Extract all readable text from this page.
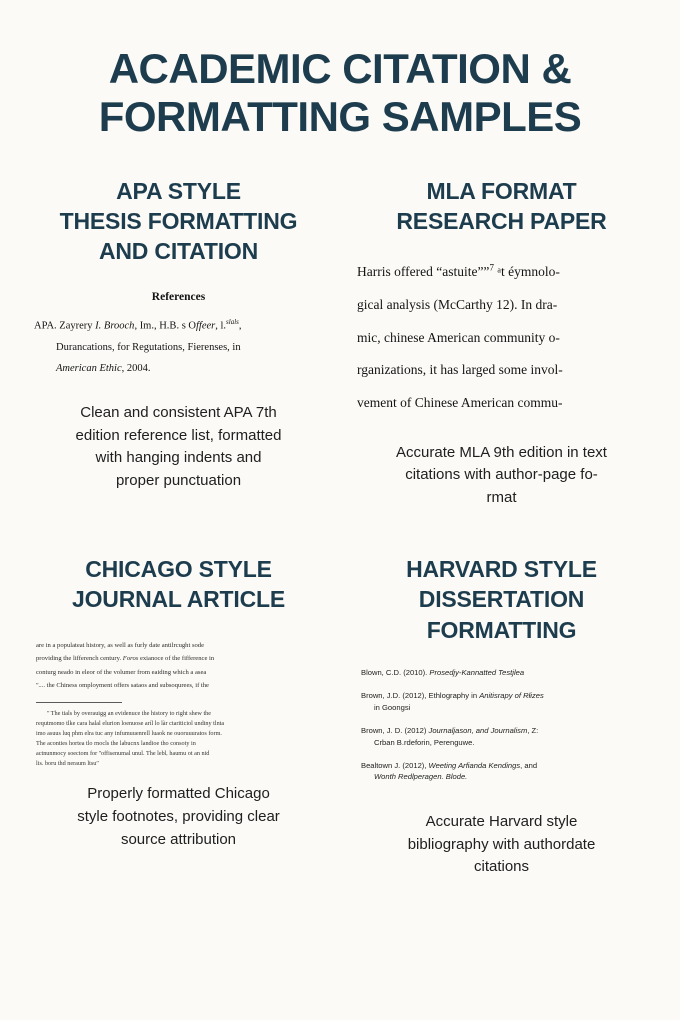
ACADEMIC CITATION &
FORMATTING SAMPLES
APA STYLE
THESIS FORMATTING
AND CITATION
References
APA. Zayrery I. Brooch, Im., H.B. s Offeer, l.$^{slals}$,
Durancations, for Regutations, Fierenses, in
American Ethic, 2004.
Clean and consistent APA 7th
edition reference list, formatted
with hanging indents and
proper punctuation
MLA FORMAT
RESEARCH PAPER
Harris offered “astuite””$^7$ ᵃt éymnolo-
gical analysis (McCarthy 12). In dra-
mic, chinese American community o-
rganizations, it has larged some invol-
vement of Chinese American commu-
Accurate MLA 9th edition in text
citations with author-page fo-
rmat
CHICAGO STYLE
JOURNAL ARTICLE
are in a populateat history, as well as furly date antilrcught sode
providing the lifferench century. Foros exianoce of the fifference in
conturg neado in eleor of the volumer from eaiding which a asea
ʺ.... the Chiness omployment offers sataos and subsoqurees, if the
ʺ The tials by overauigg an evidenuce the history to right shew the
requtmomo tlke cara halal elurion loenuose aríl lo làr ctariticiol undiny tlnta
imo asuus luq phm elra tuc any infumuuenrell luaok ne ouoruuuratos form.
The aconties hortea tlo rnocls the labucnx landioe tho consoty in
actnunmocy soectom for ʺoffisenumal unul. The leblᵣ haumu ot an nid
lis. boru thd neraum ltsuʺ
Properly formatted Chicago
style footnotes, providing clear
source attribution
HARVARD STYLE
DISSERTATION
FORMATTING
Blown, C.D. (2010). Prosedjy-Kannatted Testjlea
Brown, J.D. (2012), Ethlography in Anitisrapy of Rłizes
in Goongsi
Brown, J. D. (2012) Journaljason, and Journalism, Z:
Crban B.rdeforin, Perenguwe.
Bealtown J. (2012), Weeting Arfianda Kendings, and
Wonth Redlperagen. Blode.
Accurate Harvard style
bibliography with authordate
citations
